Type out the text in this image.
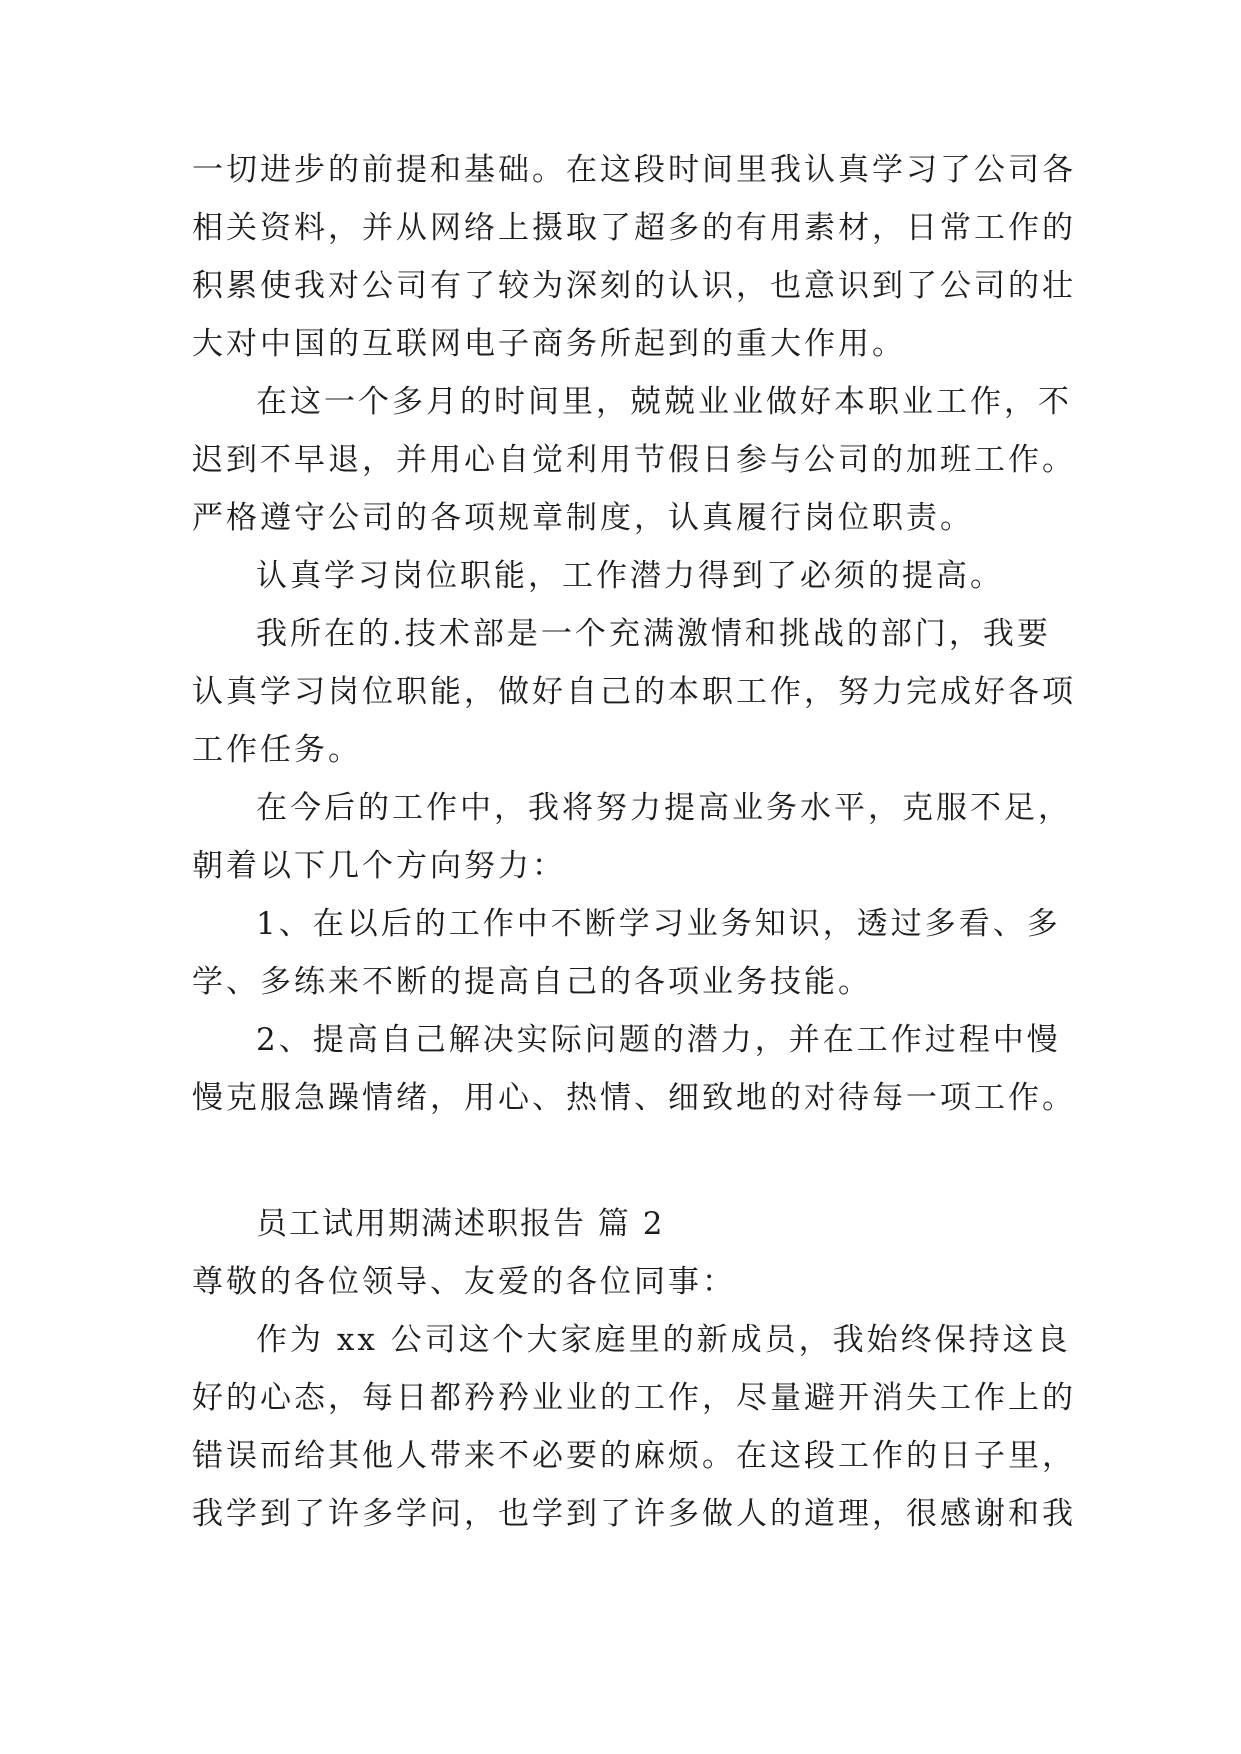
一切进步的前提和基础。在这段时间里我认真学习了公司各
相关资料，并从网络上摄取了超多的有用素材，日常工作的
积累使我对公司有了较为深刻的认识，也意识到了公司的壮
大对中国的互联网电子商务所起到的重大作用。
在这一个多月的时间里，兢兢业业做好本职业工作，不
迟到不早退，并用心自觉利用节假日参与公司的加班工作。
严格遵守公司的各项规章制度，认真履行岗位职责。
认真学习岗位职能，工作潜力得到了必须的提高。
我所在的.技术部是一个充满激情和挑战的部门，我要
认真学习岗位职能，做好自己的本职工作，努力完成好各项
工作任务。
在今后的工作中，我将努力提高业务水平，克服不足，
朝着以下几个方向努力：
1、在以后的工作中不断学习业务知识，透过多看、多
学、多练来不断的提高自己的各项业务技能。
2、提高自己解决实际问题的潜力，并在工作过程中慢
慢克服急躁情绪，用心、热情、细致地的对待每一项工作。
员工试用期满述职报告 篇 2
尊敬的各位领导、友爱的各位同事：
作为 xx 公司这个大家庭里的新成员，我始终保持这良
好的心态，每日都矜矜业业的工作，尽量避开消失工作上的
错误而给其他人带来不必要的麻烦。在这段工作的日子里，
我学到了许多学问，也学到了许多做人的道理，很感谢和我
